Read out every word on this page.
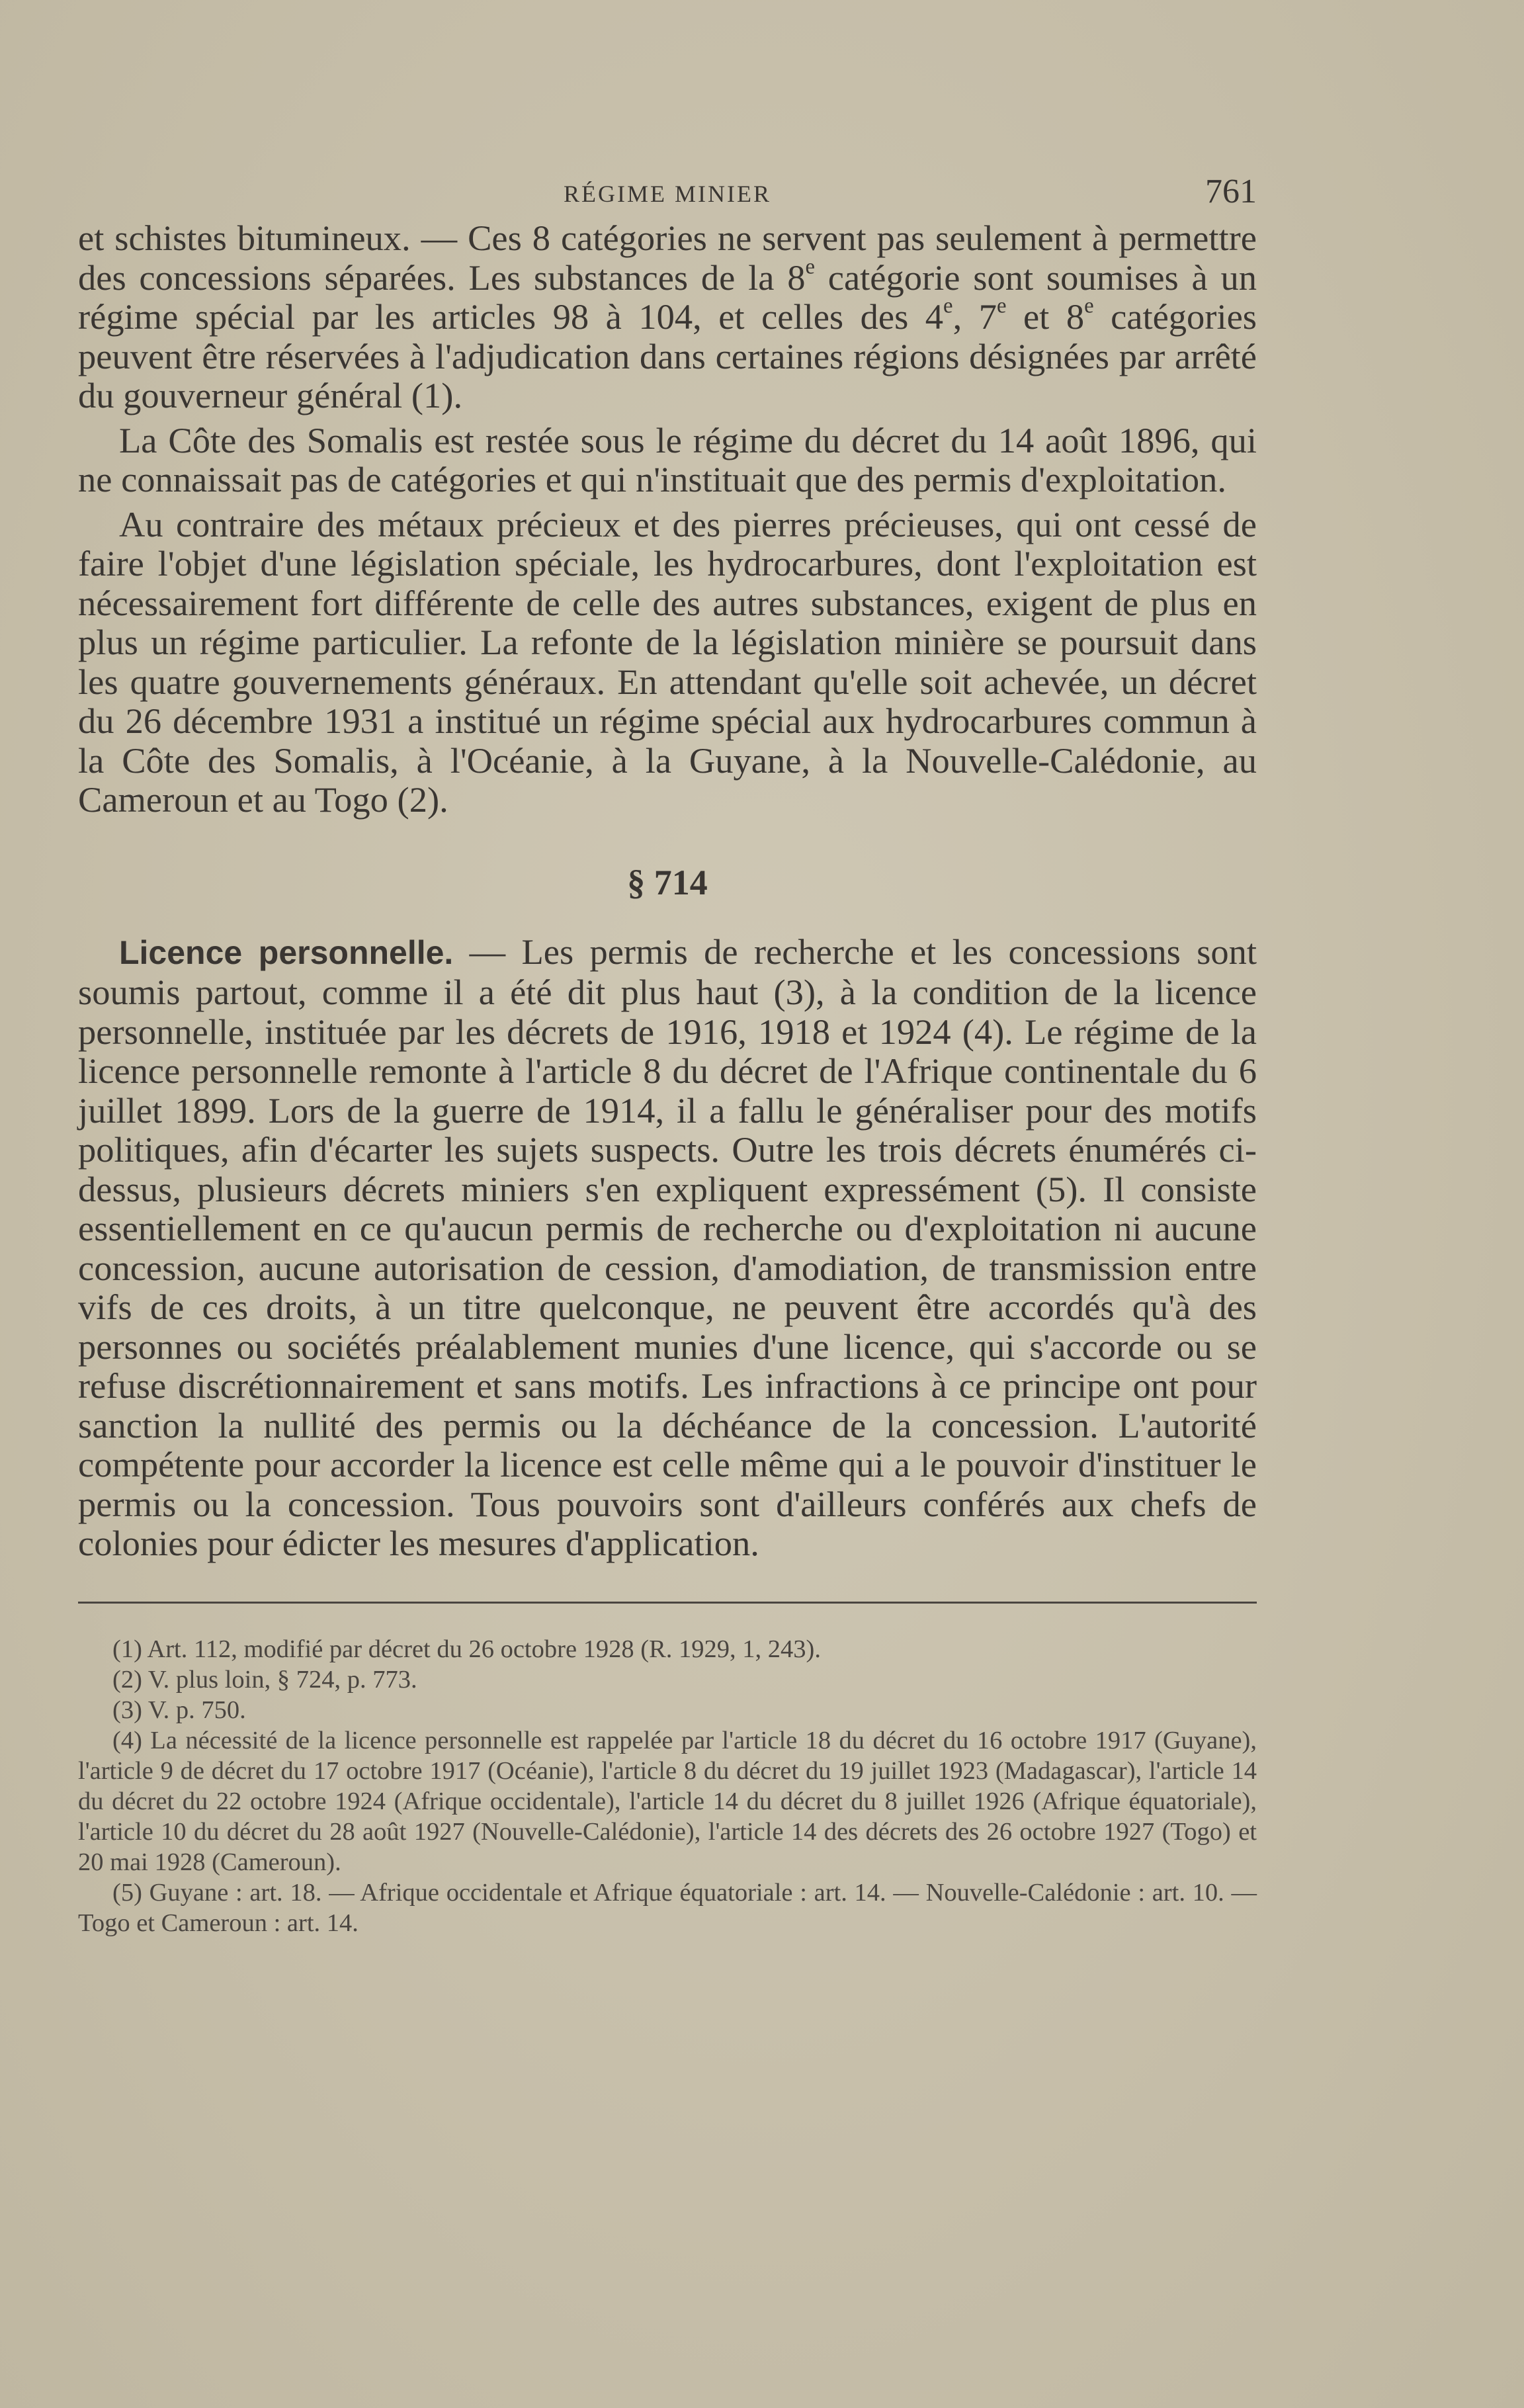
RÉGIME MINIER	761

et schistes bitumineux. — Ces 8 catégories ne servent pas seulement à permettre des concessions séparées. Les substances de la 8e catégorie sont soumises à un régime spécial par les articles 98 à 104, et celles des 4e, 7e et 8e catégories peuvent être réservées à l'adjudication dans certaines régions désignées par arrêté du gouverneur général (1).

La Côte des Somalis est restée sous le régime du décret du 14 août 1896, qui ne connaissait pas de catégories et qui n'instituait que des permis d'exploitation.

Au contraire des métaux précieux et des pierres précieuses, qui ont cessé de faire l'objet d'une législation spéciale, les hydrocarbures, dont l'exploitation est nécessairement fort différente de celle des autres substances, exigent de plus en plus un régime particulier. La refonte de la législation minière se poursuit dans les quatre gouvernements généraux. En attendant qu'elle soit achevée, un décret du 26 décembre 1931 a institué un régime spécial aux hydrocarbures commun à la Côte des Somalis, à l'Océanie, à la Guyane, à la Nouvelle-Calédonie, au Cameroun et au Togo (2).

§ 714

Licence personnelle. — Les permis de recherche et les concessions sont soumis partout, comme il a été dit plus haut (3), à la condition de la licence personnelle, instituée par les décrets de 1916, 1918 et 1924 (4). Le régime de la licence personnelle remonte à l'article 8 du décret de l'Afrique continentale du 6 juillet 1899. Lors de la guerre de 1914, il a fallu le généraliser pour des motifs politiques, afin d'écarter les sujets suspects. Outre les trois décrets énumérés ci-dessus, plusieurs décrets miniers s'en expliquent expressément (5). Il consiste essentiellement en ce qu'aucun permis de recherche ou d'exploitation ni aucune concession, aucune autorisation de cession, d'amodiation, de transmission entre vifs de ces droits, à un titre quelconque, ne peuvent être accordés qu'à des personnes ou sociétés préalablement munies d'une licence, qui s'accorde ou se refuse discrétionnairement et sans motifs. Les infractions à ce principe ont pour sanction la nullité des permis ou la déchéance de la concession. L'autorité compétente pour accorder la licence est celle même qui a le pouvoir d'instituer le permis ou la concession. Tous pouvoirs sont d'ailleurs conférés aux chefs de colonies pour édicter les mesures d'application.

(1) Art. 112, modifié par décret du 26 octobre 1928 (R. 1929, 1, 243).

(2) V. plus loin, § 724, p. 773.

(3) V. p. 750.

(4) La nécessité de la licence personnelle est rappelée par l'article 18 du décret du 16 octobre 1917 (Guyane), l'article 9 de décret du 17 octobre 1917 (Océanie), l'article 8 du décret du 19 juillet 1923 (Madagascar), l'article 14 du décret du 22 octobre 1924 (Afrique occidentale), l'article 14 du décret du 8 juillet 1926 (Afrique équatoriale), l'article 10 du décret du 28 août 1927 (Nouvelle-Calédonie), l'article 14 des décrets des 26 octobre 1927 (Togo) et 20 mai 1928 (Cameroun).

(5) Guyane : art. 18. — Afrique occidentale et Afrique équatoriale : art. 14. — Nouvelle-Calédonie : art. 10. — Togo et Cameroun : art. 14.
